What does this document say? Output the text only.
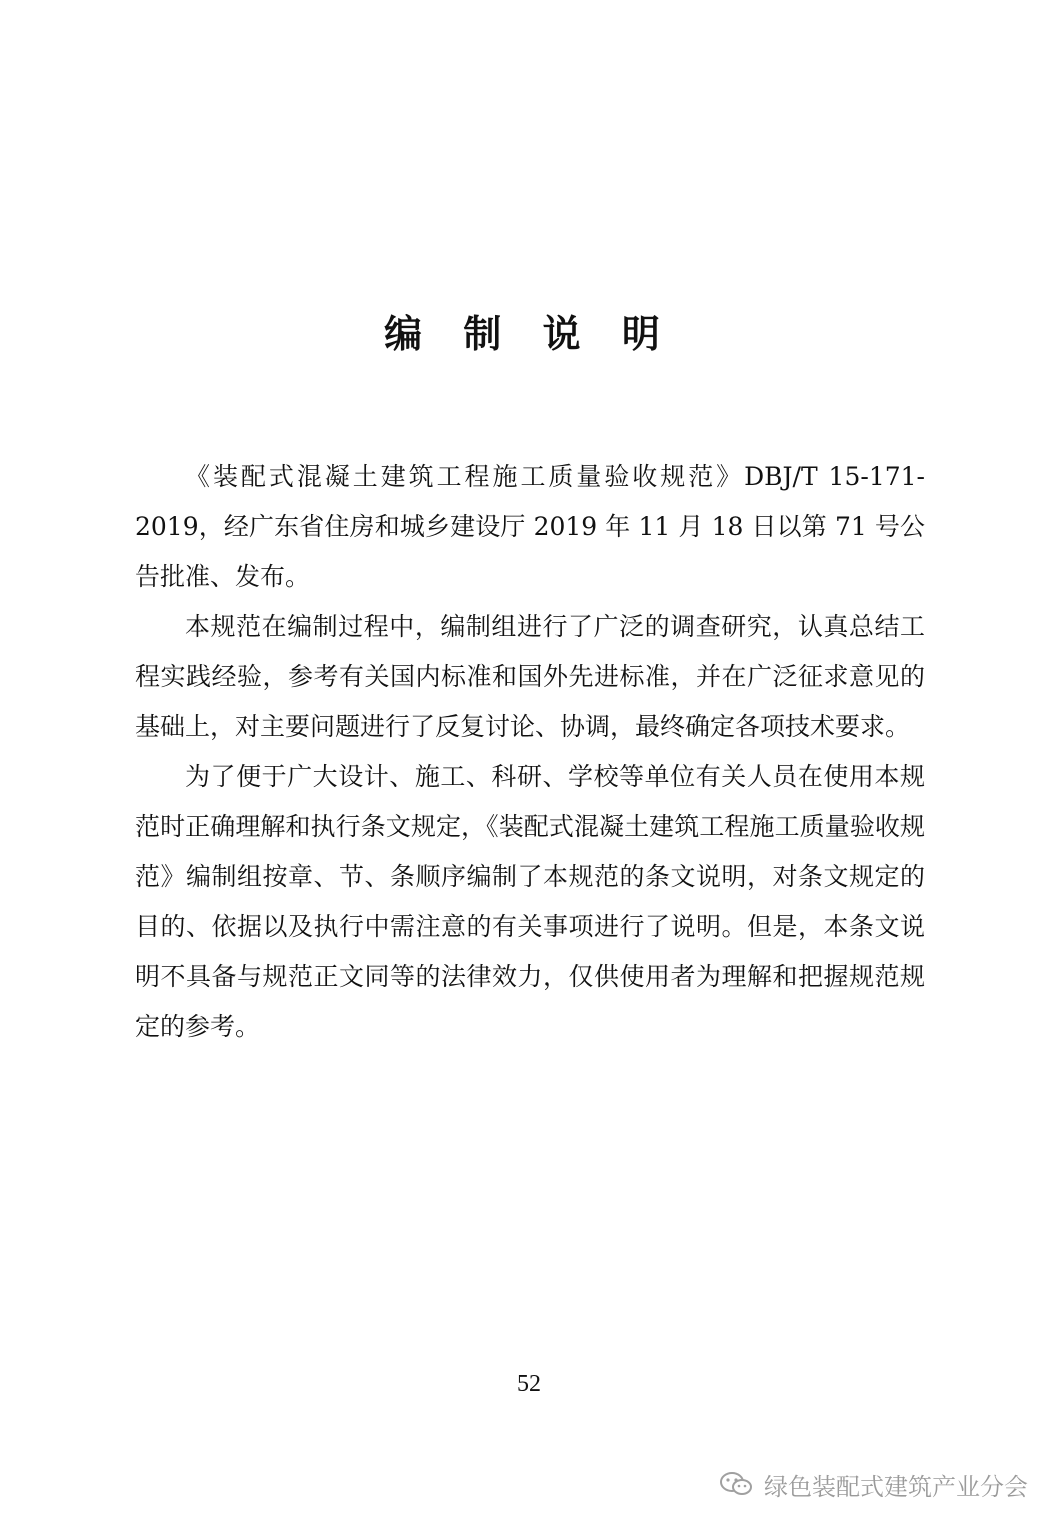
编 制 说 明

《装配式混凝土建筑工程施工质量验收规范》DBJ/T 15-171-2019，经广东省住房和城乡建设厅 2019 年 11 月 18 日以第 71 号公告批准、发布。

本规范在编制过程中，编制组进行了广泛的调查研究，认真总结工程实践经验，参考有关国内标准和国外先进标准，并在广泛征求意见的基础上，对主要问题进行了反复讨论、协调，最终确定各项技术要求。

为了便于广大设计、施工、科研、学校等单位有关人员在使用本规范时正确理解和执行条文规定，《装配式混凝土建筑工程施工质量验收规范》编制组按章、节、条顺序编制了本规范的条文说明，对条文规定的目的、依据以及执行中需注意的有关事项进行了说明。但是，本条文说明不具备与规范正文同等的法律效力，仅供使用者为理解和把握规范规定的参考。

52
绿色装配式建筑产业分会
